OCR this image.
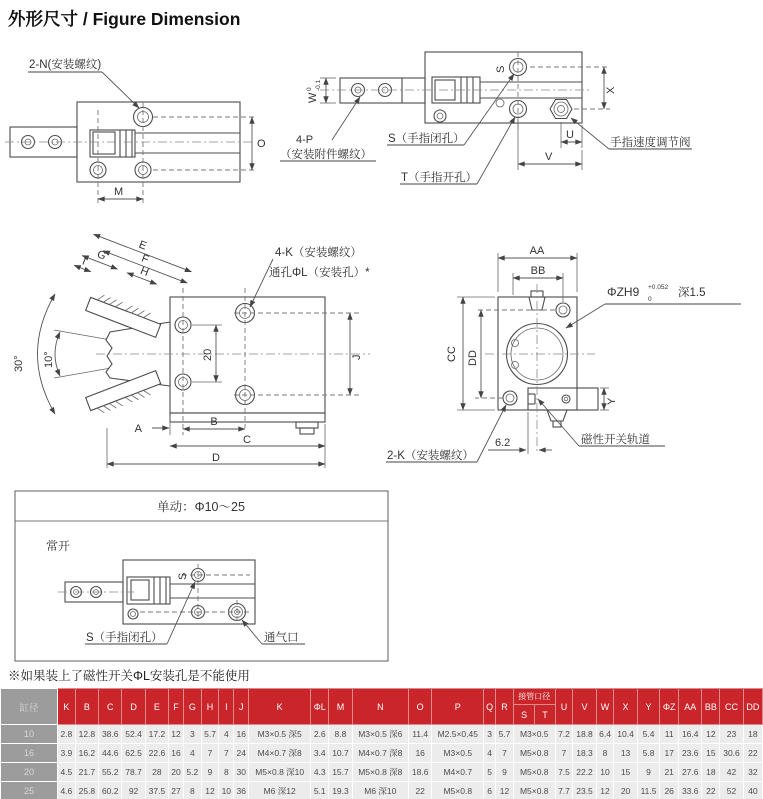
外形尺寸 / Figure Dimension
2-N(安装螺纹)
M
O
W
0 -0.1	X
U
V
S
4-P
（安装附件螺纹）
S（手指闭孔）
T（手指开孔）
手指速度调节阀
E
F
G
H
I
30° 10°	20	J
4-K（安装螺纹）
通孔ΦL（安装孔）*
A
B
C
D
AA
BB
CC DD
Y
ΦZH9 +0.052
0
深1.5
2-K（安装螺纹）
6.2	磁性开关轨道
单动：Φ10～25
常开
S
S（手指闭孔）	通气口
※如果装上了磁性开关ΦL安装孔是不能使用
缸径	K	B	C	D	E	F	G	H	I	J	K	ΦL	M	N	O	P	Q	R	接管口径		U	V	W	X	Y	ΦZ	AA	BB	CC	DD
																			S	T										
10	2.8	12.8	38.6	52.4	17.2	12	3	5.7	4	16	M3×0.5 深5	2.6	8.8	M3×0.5 深6	11.4	M2.5×0.45	3	5.7	M3×0.5		7.2	18.8	6.4	10.4	5.4	11	16.4	12	23	18
16	3.9	16.2	44.6	62.5	22.6	16	4	7	7	24	M4×0.7 深8	3.4	10.7	M4×0.7 深8	16	M3×0.5	4	7	M5×0.8		7	18.3	8	13	5.8	17	23.6	15	30.6	22
20	4.5	21.7	55.2	78.7	28	20	5.2	9	8	30	M5×0.8 深10	4.3	15.7	M5×0.8 深8	18.6	M4×0.7	5	9	M5×0.8		7.5	22.2	10	15	9	21	27.6	18	42	32
25	4.6	25.8	60.2	92	37.5	27	8	12	10	36	M6 深12	5.1	19.3	M6 深10	22	M5×0.8	6	12	M5×0.8		7.7	23.5	12	20	11.5	26	33.6	22	52	40
